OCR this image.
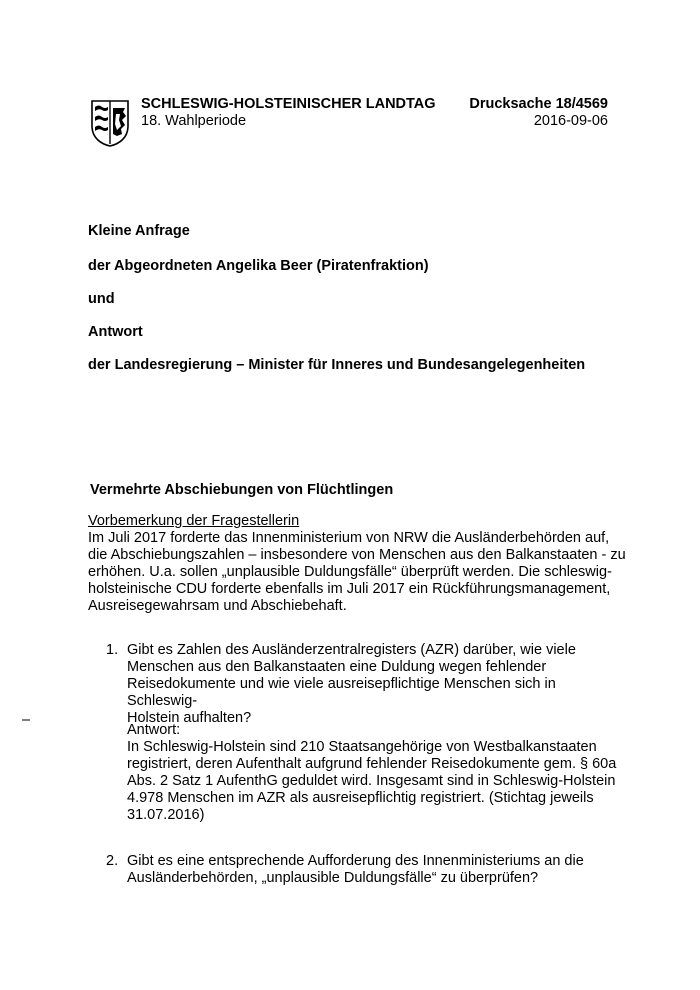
SCHLESWIG-HOLSTEINISCHER LANDTAG
18. Wahlperiode
Drucksache 18/4569
2016-09-06
Kleine Anfrage
der Abgeordneten Angelika Beer (Piratenfraktion)
und
Antwort
der Landesregierung – Minister für Inneres und Bundesangelegenheiten
Vermehrte Abschiebungen von Flüchtlingen
Vorbemerkung der Fragestellerin
Im Juli 2017 forderte das Innenministerium von NRW die Ausländerbehörden auf,
die Abschiebungszahlen – insbesondere von Menschen aus den Balkanstaaten - zu
erhöhen. U.a. sollen „unplausible Duldungsfälle“ überprüft werden. Die schleswig-
holsteinische CDU forderte ebenfalls im Juli 2017 ein Rückführungsmanagement,
Ausreisegewahrsam und Abschiebehaft.
1. Gibt es Zahlen des Ausländerzentralregisters (AZR) darüber, wie viele
Menschen aus den Balkanstaaten eine Duldung wegen fehlender
Reisedokumente und wie viele ausreisepflichtige Menschen sich in Schleswig-
Holstein aufhalten?
Antwort:
In Schleswig-Holstein sind 210 Staatsangehörige von Westbalkanstaaten
registriert, deren Aufenthalt aufgrund fehlender Reisedokumente gem. § 60a
Abs. 2 Satz 1 AufenthG geduldet wird. Insgesamt sind in Schleswig-Holstein
4.978 Menschen im AZR als ausreisepflichtig registriert. (Stichtag jeweils
31.07.2016)
2. Gibt es eine entsprechende Aufforderung des Innenministeriums an die
Ausländerbehörden, „unplausible Duldungsfälle“ zu überprüfen?
–
